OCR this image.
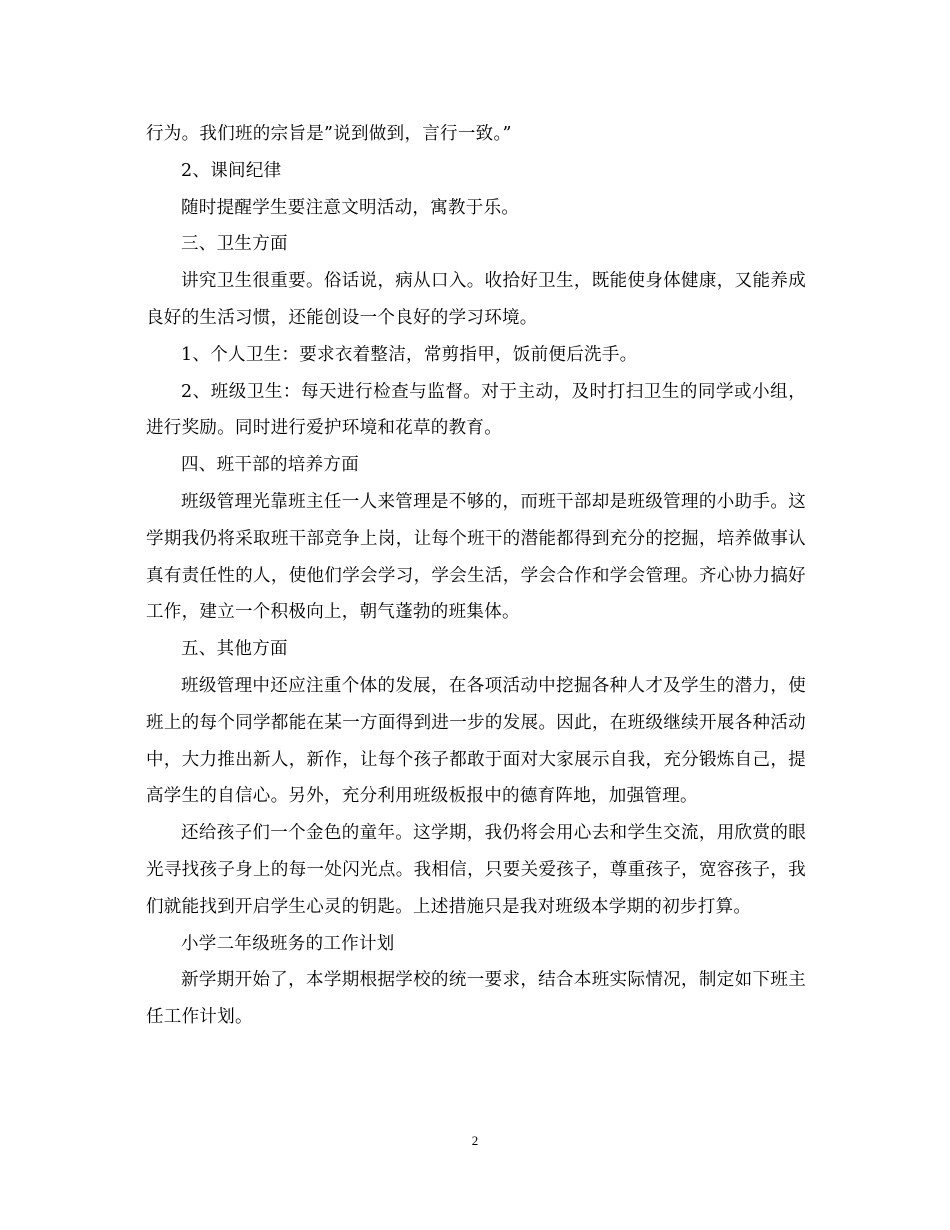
行为。我们班的宗旨是”说到做到，言行一致。”

2、课间纪律

随时提醒学生要注意文明活动，寓教于乐。

三、卫生方面

讲究卫生很重要。俗话说，病从口入。收拾好卫生，既能使身体健康，又能养成良好的生活习惯，还能创设一个良好的学习环境。

1、个人卫生：要求衣着整洁，常剪指甲，饭前便后洗手。

2、班级卫生：每天进行检查与监督。对于主动，及时打扫卫生的同学或小组，进行奖励。同时进行爱护环境和花草的教育。

四、班干部的培养方面

班级管理光靠班主任一人来管理是不够的，而班干部却是班级管理的小助手。这学期我仍将采取班干部竞争上岗，让每个班干的潜能都得到充分的挖掘，培养做事认真有责任性的人，使他们学会学习，学会生活，学会合作和学会管理。齐心协力搞好工作，建立一个积极向上，朝气蓬勃的班集体。

五、其他方面

班级管理中还应注重个体的发展，在各项活动中挖掘各种人才及学生的潜力，使班上的每个同学都能在某一方面得到进一步的发展。因此，在班级继续开展各种活动中，大力推出新人，新作，让每个孩子都敢于面对大家展示自我，充分锻炼自己，提高学生的自信心。另外，充分利用班级板报中的德育阵地，加强管理。

还给孩子们一个金色的童年。这学期，我仍将会用心去和学生交流，用欣赏的眼光寻找孩子身上的每一处闪光点。我相信，只要关爱孩子，尊重孩子，宽容孩子，我们就能找到开启学生心灵的钥匙。上述措施只是我对班级本学期的初步打算。

小学二年级班务的工作计划

新学期开始了，本学期根据学校的统一要求，结合本班实际情况，制定如下班主任工作计划。

2
